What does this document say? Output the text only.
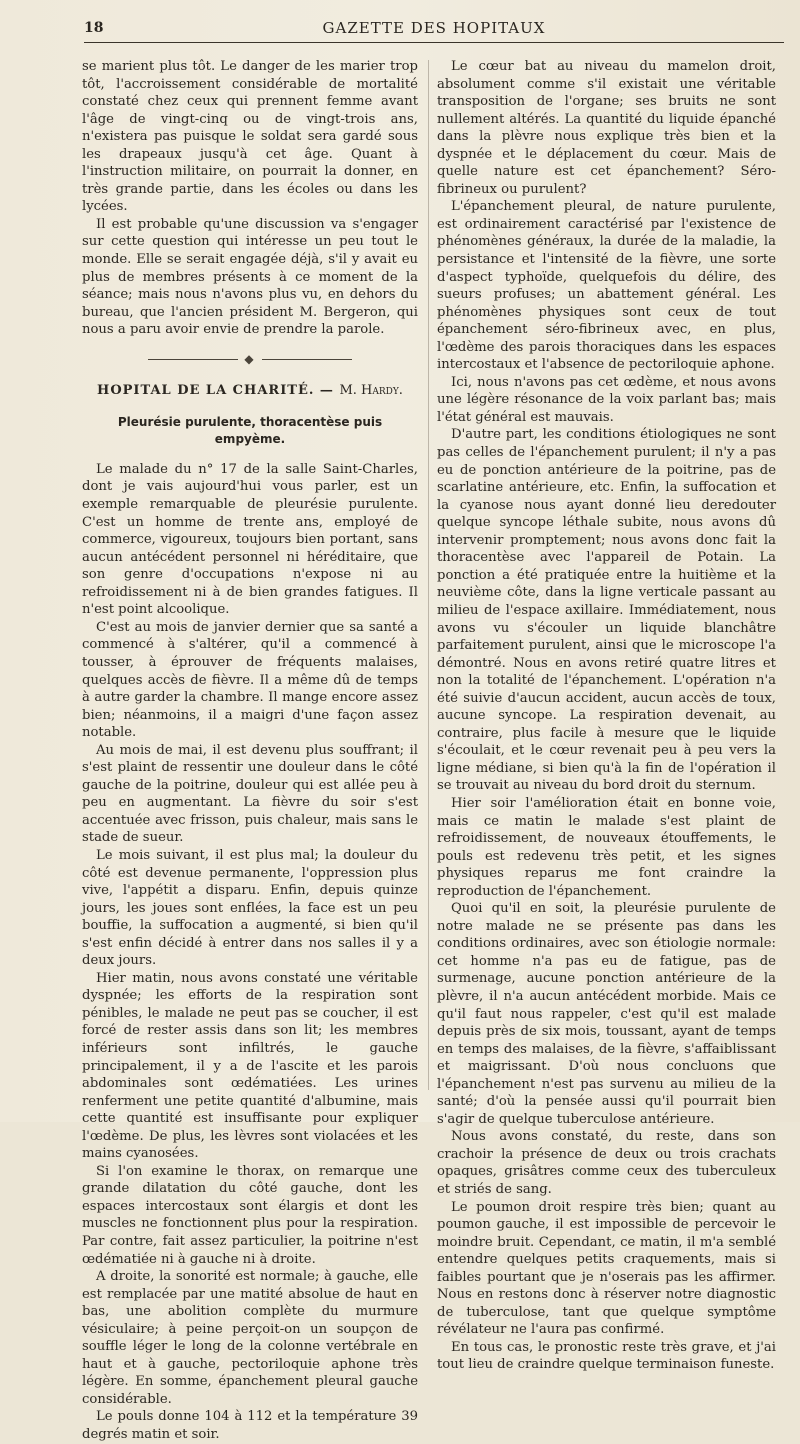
18	GAZETTE DES HOPITAUX

se marient plus tôt. Le danger de les marier trop tôt, l'accroissement considérable de mortalité constaté chez ceux qui prennent femme avant l'âge de vingt-cinq ou de vingt-trois ans, n'existera pas puisque le soldat sera gardé sous les drapeaux jusqu'à cet âge. Quant à l'instruction militaire, on pourrait la donner, en très grande partie, dans les écoles ou dans les lycées.

Il est probable qu'une discussion va s'engager sur cette question qui intéresse un peu tout le monde. Elle se serait engagée déjà, s'il y avait eu plus de membres présents à ce moment de la séance; mais nous n'avons plus vu, en dehors du bureau, que l'ancien président M. Bergeron, qui nous a paru avoir envie de prendre la parole.

◆
HOPITAL DE LA CHARITÉ. — M. Hardy.
Pleurésie purulente, thoracentèse puis empyème.

Le malade du n° 17 de la salle Saint-Charles, dont je vais aujourd'hui vous parler, est un exemple remarquable de pleurésie purulente. C'est un homme de trente ans, employé de commerce, vigoureux, toujours bien portant, sans aucun antécédent personnel ni héréditaire, que son genre d'occupations n'expose ni au refroidissement ni à de bien grandes fatigues. Il n'est point alcoolique.

C'est au mois de janvier dernier que sa santé a commencé à s'altérer, qu'il a commencé à tousser, à éprouver de fréquents malaises, quelques accès de fièvre. Il a même dû de temps à autre garder la chambre. Il mange encore assez bien; néanmoins, il a maigri d'une façon assez notable.

Au mois de mai, il est devenu plus souffrant; il s'est plaint de ressentir une douleur dans le côté gauche de la poitrine, douleur qui est allée peu à peu en augmentant. La fièvre du soir s'est accentuée avec frisson, puis chaleur, mais sans le stade de sueur.

Le mois suivant, il est plus mal; la douleur du côté est devenue permanente, l'oppression plus vive, l'appétit a disparu. Enfin, depuis quinze jours, les joues sont enflées, la face est un peu bouffie, la suffocation a augmenté, si bien qu'il s'est enfin décidé à entrer dans nos salles il y a deux jours.

Hier matin, nous avons constaté une véritable dyspnée; les efforts de la respiration sont pénibles, le malade ne peut pas se coucher, il est forcé de rester assis dans son lit; les membres inférieurs sont infiltrés, le gauche principalement, il y a de l'ascite et les parois abdominales sont œdématiées. Les urines renferment une petite quantité d'albumine, mais cette quantité est insuffisante pour expliquer l'œdème. De plus, les lèvres sont violacées et les mains cyanosées.

Si l'on examine le thorax, on remarque une grande dilatation du côté gauche, dont les espaces intercostaux sont élargis et dont les muscles ne fonctionnent plus pour la respiration. Par contre, fait assez particulier, la poitrine n'est œdématiée ni à gauche ni à droite.

A droite, la sonorité est normale; à gauche, elle est remplacée par une matité absolue de haut en bas, une abolition complète du murmure vésiculaire; à peine perçoit-on un soupçon de souffle léger le long de la colonne vertébrale en haut et à gauche, pectoriloquie aphone très légère. En somme, épanchement pleural gauche considérable.

Le pouls donne 104 à 112 et la température 39 degrés matin et soir.

Le cœur bat au niveau du mamelon droit, absolument comme s'il existait une véritable transposition de l'organe; ses bruits ne sont nullement altérés. La quantité du liquide épanché dans la plèvre nous explique très bien et la dyspnée et le déplacement du cœur. Mais de quelle nature est cet épanchement? Séro-fibrineux ou purulent?

L'épanchement pleural, de nature purulente, est ordinairement caractérisé par l'existence de phénomènes généraux, la durée de la maladie, la persistance et l'intensité de la fièvre, une sorte d'aspect typhoïde, quelquefois du délire, des sueurs profuses; un abattement général. Les phénomènes physiques sont ceux de tout épanchement séro-fibrineux avec, en plus, l'œdème des parois thoraciques dans les espaces intercostaux et l'absence de pectoriloquie aphone.

Ici, nous n'avons pas cet œdème, et nous avons une légère résonance de la voix parlant bas; mais l'état général est mauvais.

D'autre part, les conditions étiologiques ne sont pas celles de l'épanchement purulent; il n'y a pas eu de ponction antérieure de la poitrine, pas de scarlatine antérieure, etc. Enfin, la suffocation et la cyanose nous ayant donné lieu deredouter quelque syncope léthale subite, nous avons dû intervenir promptement; nous avons donc fait la thoracentèse avec l'appareil de Potain. La ponction a été pratiquée entre la huitième et la neuvième côte, dans la ligne verticale passant au milieu de l'espace axillaire. Immédiatement, nous avons vu s'écouler un liquide blanchâtre parfaitement purulent, ainsi que le microscope l'a démontré. Nous en avons retiré quatre litres et non la totalité de l'épanchement. L'opération n'a été suivie d'aucun accident, aucun accès de toux, aucune syncope. La respiration devenait, au contraire, plus facile à mesure que le liquide s'écoulait, et le cœur revenait peu à peu vers la ligne médiane, si bien qu'à la fin de l'opération il se trouvait au niveau du bord droit du sternum.

Hier soir l'amélioration était en bonne voie, mais ce matin le malade s'est plaint de refroidissement, de nouveaux étouffements, le pouls est redevenu très petit, et les signes physiques reparus me font craindre la reproduction de l'épanchement.

Quoi qu'il en soit, la pleurésie purulente de notre malade ne se présente pas dans les conditions ordinaires, avec son étiologie normale: cet homme n'a pas eu de fatigue, pas de surmenage, aucune ponction antérieure de la plèvre, il n'a aucun antécédent morbide. Mais ce qu'il faut nous rappeler, c'est qu'il est malade depuis près de six mois, toussant, ayant de temps en temps des malaises, de la fièvre, s'affaiblissant et maigrissant. D'où nous concluons que l'épanchement n'est pas survenu au milieu de la santé; d'où la pensée aussi qu'il pourrait bien s'agir de quelque tuberculose antérieure.

Nous avons constaté, du reste, dans son crachoir la présence de deux ou trois crachats opaques, grisâtres comme ceux des tuberculeux et striés de sang.

Le poumon droit respire très bien; quant au poumon gauche, il est impossible de percevoir le moindre bruit. Cependant, ce matin, il m'a semblé entendre quelques petits craquements, mais si faibles pourtant que je n'oserais pas les affirmer. Nous en restons donc à réserver notre diagnostic de tuberculose, tant que quelque symptôme révélateur ne l'aura pas confirmé.

En tous cas, le pronostic reste très grave, et j'ai tout lieu de craindre quelque terminaison funeste.
